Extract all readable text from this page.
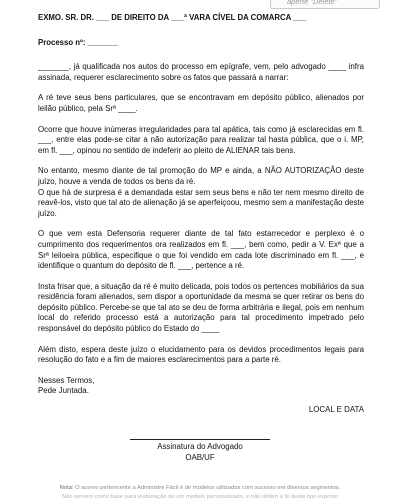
aperte "Delete"

EXMO. SR. DR. ___ DE DIREITO DA ___ª VARA CÍVEL DA COMARCA ___

Processo nº: _______

_______, já qualificada nos autos do processo em epígrafe, vem, pelo advogado ____ infra assinada, requerer esclarecimento sobre os fatos que passará a narrar:

A ré teve seus bens particulares, que se encontravam em depósito público, alienados por leilão público, pela Srª ____.

Ocorre que houve inúmeras irregularidades para tal apática, tais como já esclarecidas em fl. ___, entre elas pode-se citar a não autorização para realizar tal hasta pública, que o i. MP, em fl. ___, opinou no sentido de indeferir ao pleito de ALIENAR tais bens.

No entanto, mesmo diante de tal promoção do MP e ainda, a NÃO AUTORIZAÇÃO deste juízo, houve a venda de todos os bens da ré.

O que há de surpresa é a demandada estar sem seus bens e não ter nem mesmo direito de reavê-los, visto que tal ato de alienação já se aperfeiçoou, mesmo sem a manifestação deste juízo.

O que vem esta Defensoria requerer diante de tal fato estarrecedor e perplexo é o cumprimento dos requerimentos ora realizados em fl. ___, bem como, pedir a V. Exª que a Srª leiloeira pública, especifique o que foi vendido em cada lote discriminado em fl. ___, e identifique o quantum do depósito de fl. ___, pertence a ré.

Insta frisar que, a situação da ré é muito delicada, pois todos os pertences mobiliários da sua residência foram alienados, sem dispor a oportunidade da mesma se quer retirar os bens do depósito público. Percebe-se que tal ato se deu de forma arbitrária e ilegal, pois em nenhum local do referido processo está a autorização para tal procedimento impetrado pelo responsável do depósito público do Estado do ____

Além disto, espera deste juízo o elucidamento para os devidos procedimentos legais para resolução do fato e a fim de maiores esclarecimentos para a parte ré.

Nesses Termos,

Pede Juntada.

LOCAL E DATA

Assinatura do Advogado
OAB/UF
Nota: O acervo pertencente a Administre Fácil é de modelos utilizados com sucesso em diversos segmentos.
Não servem como base para elaboração de um modelo personalizado, e não obtêm a fé deste tipo exposto
